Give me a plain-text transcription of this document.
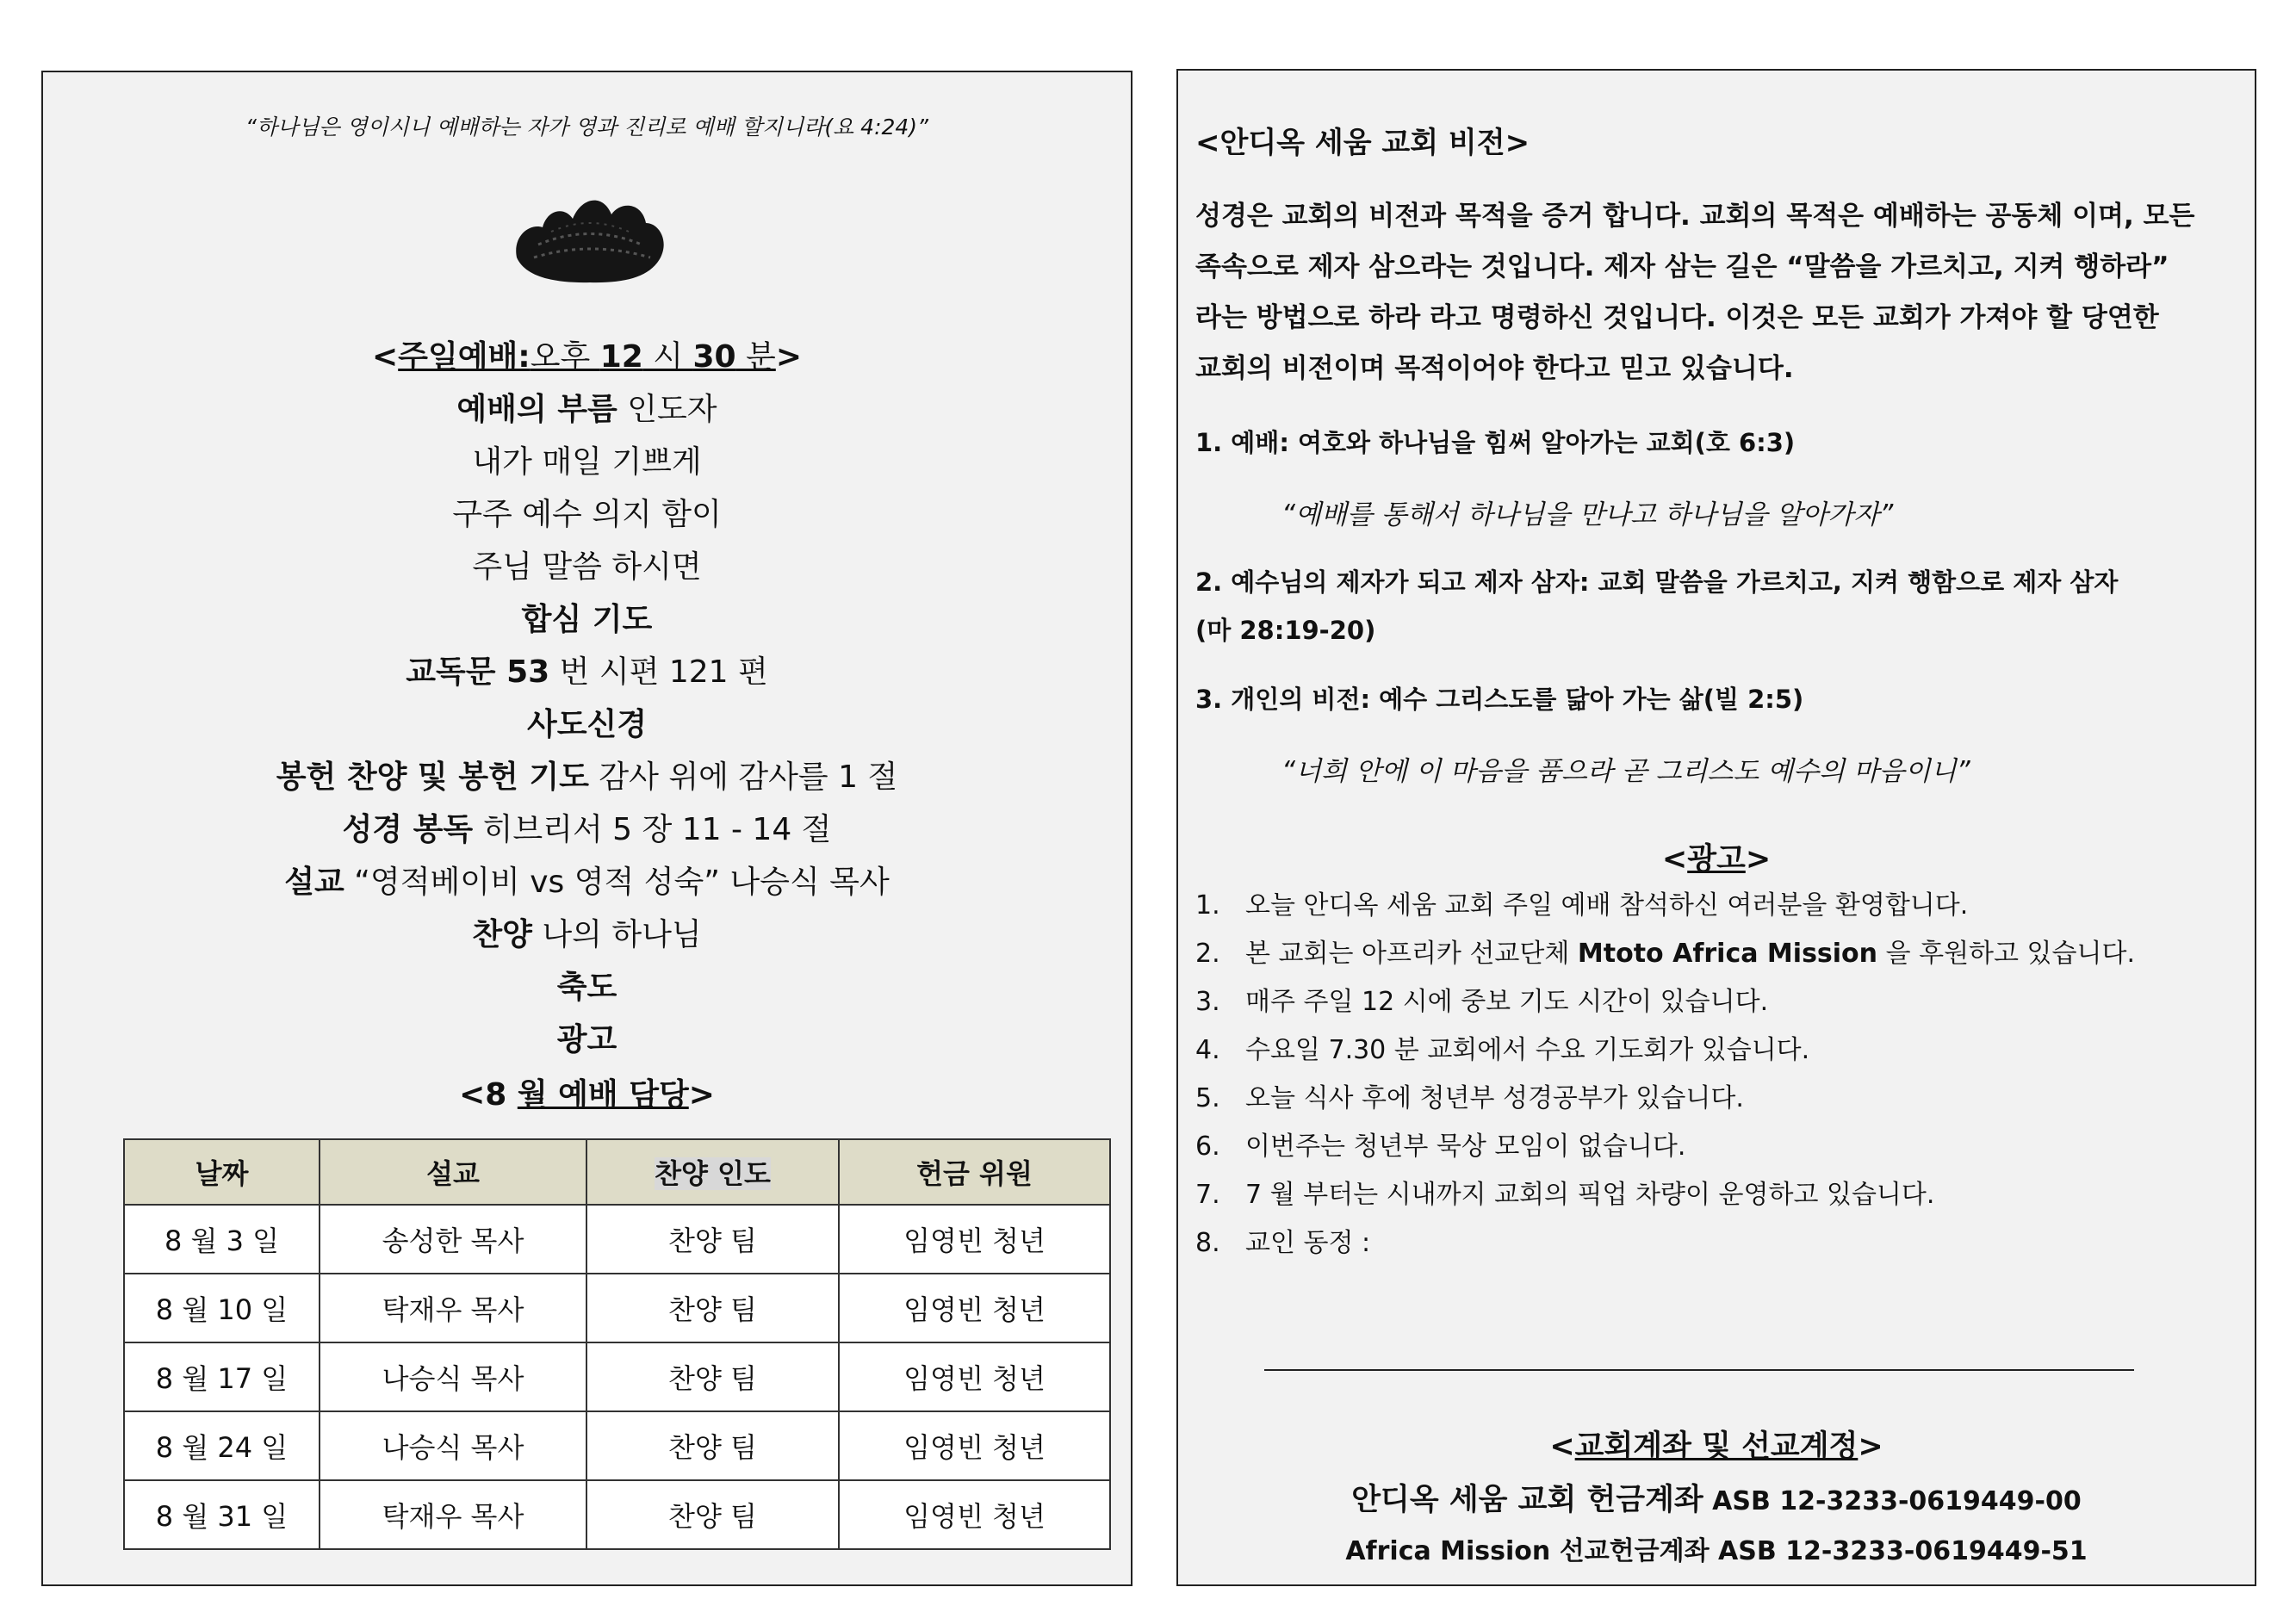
“하나님은 영이시니 예배하는 자가 영과 진리로 예배 할지니라(요 4:24)”
<주일예배:오후 12 시 30 분>
예배의 부름 인도자
내가 매일 기쁘게
구주 예수 의지 함이
주님 말씀 하시면
합심 기도
교독문 53 번 시편 121 편
사도신경
봉헌 찬양 및 봉헌 기도 감사 위에 감사를 1 절
성경 봉독 히브리서 5 장 11 - 14 절
설교 “영적베이비 vs 영적 성숙” 나승식 목사
찬양 나의 하나님
축도
광고
<8 월 예배 담당>
날짜	설교	찬양 인도	헌금 위원
8 월 3 일	송성한 목사	찬양 팀	임영빈 청년
8 월 10 일	탁재우 목사	찬양 팀	임영빈 청년
8 월 17 일	나승식 목사	찬양 팀	임영빈 청년
8 월 24 일	나승식 목사	찬양 팀	임영빈 청년
8 월 31 일	탁재우 목사	찬양 팀	임영빈 청년
<안디옥 세움 교회 비전>
성경은 교회의 비전과 목적을 증거 합니다. 교회의 목적은 예배하는 공동체 이며, 모든
족속으로 제자 삼으라는 것입니다. 제자 삼는 길은 “말씀을 가르치고, 지켜 행하라”
라는 방법으로 하라 라고 명령하신 것입니다. 이것은 모든 교회가 가져야 할 당연한
교회의 비전이며 목적이어야 한다고 믿고 있습니다.
1. 예배: 여호와 하나님을 힘써 알아가는 교회(호 6:3)
“예배를 통해서 하나님을 만나고 하나님을 알아가자”
2. 예수님의 제자가 되고 제자 삼자: 교회 말씀을 가르치고, 지켜 행함으로 제자 삼자
(마 28:19-20)
3. 개인의 비전: 예수 그리스도를 닮아 가는 삶(빌 2:5)
“너희 안에 이 마음을 품으라 곧 그리스도 예수의 마음이니”
<광고>
1. 오늘 안디옥 세움 교회 주일 예배 참석하신 여러분을 환영합니다.
2. 본 교회는 아프리카 선교단체 Mtoto Africa Mission 을 후원하고 있습니다.
3. 매주 주일 12 시에 중보 기도 시간이 있습니다.
4. 수요일 7.30 분 교회에서 수요 기도회가 있습니다.
5. 오늘 식사 후에 청년부 성경공부가 있습니다.
6. 이번주는 청년부 묵상 모임이 없습니다.
7. 7 월 부터는 시내까지 교회의 픽업 차량이 운영하고 있습니다.
8. 교인 동정 :
<교회계좌 및 선교계정>
안디옥 세움 교회 헌금계좌 ASB 12-3233-0619449-00
Africa Mission 선교헌금계좌 ASB 12-3233-0619449-51
